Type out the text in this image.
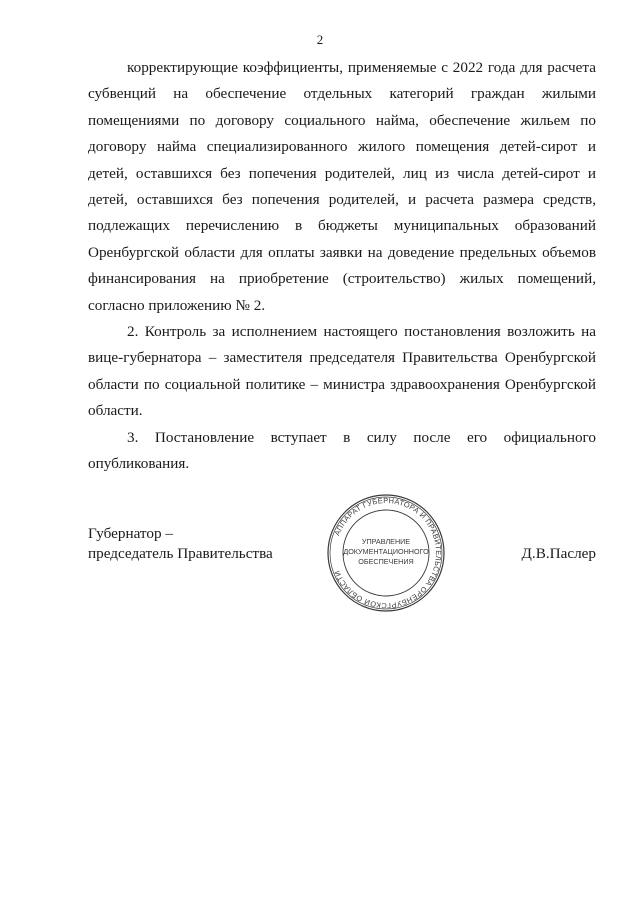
2

корректирующие коэффициенты, применяемые с 2022 года для расчета субвенций на обеспечение отдельных категорий граждан жилыми помещениями по договору социального найма, обеспечение жильем по договору найма специализированного жилого помещения детей-сирот и детей, оставшихся без попечения родителей, лиц из числа детей-сирот и детей, оставшихся без попечения родителей, и расчета размера средств, подлежащих перечислению в бюджеты муниципальных образований Оренбургской области для оплаты заявки на доведение предельных объемов финансирования на приобретение (строительство) жилых помещений, согласно приложению № 2.

2. Контроль за исполнением настоящего постановления возложить на вице-губернатора – заместителя председателя Правительства Оренбургской области по социальной политике – министра здравоохранения Оренбургской области.

3. Постановление вступает в силу после его официального опубликования.

Губернатор –
председатель Правительства	Д.В.Паслер
АППАРАТ ГУБЕРНАТОРА И ПРАВИТЕЛЬСТВА ОРЕНБУРГСКОЙ ОБЛАСТИ
УПРАВЛЕНИЕ
ДОКУМЕНТАЦИОННОГО
ОБЕСПЕЧЕНИЯ
